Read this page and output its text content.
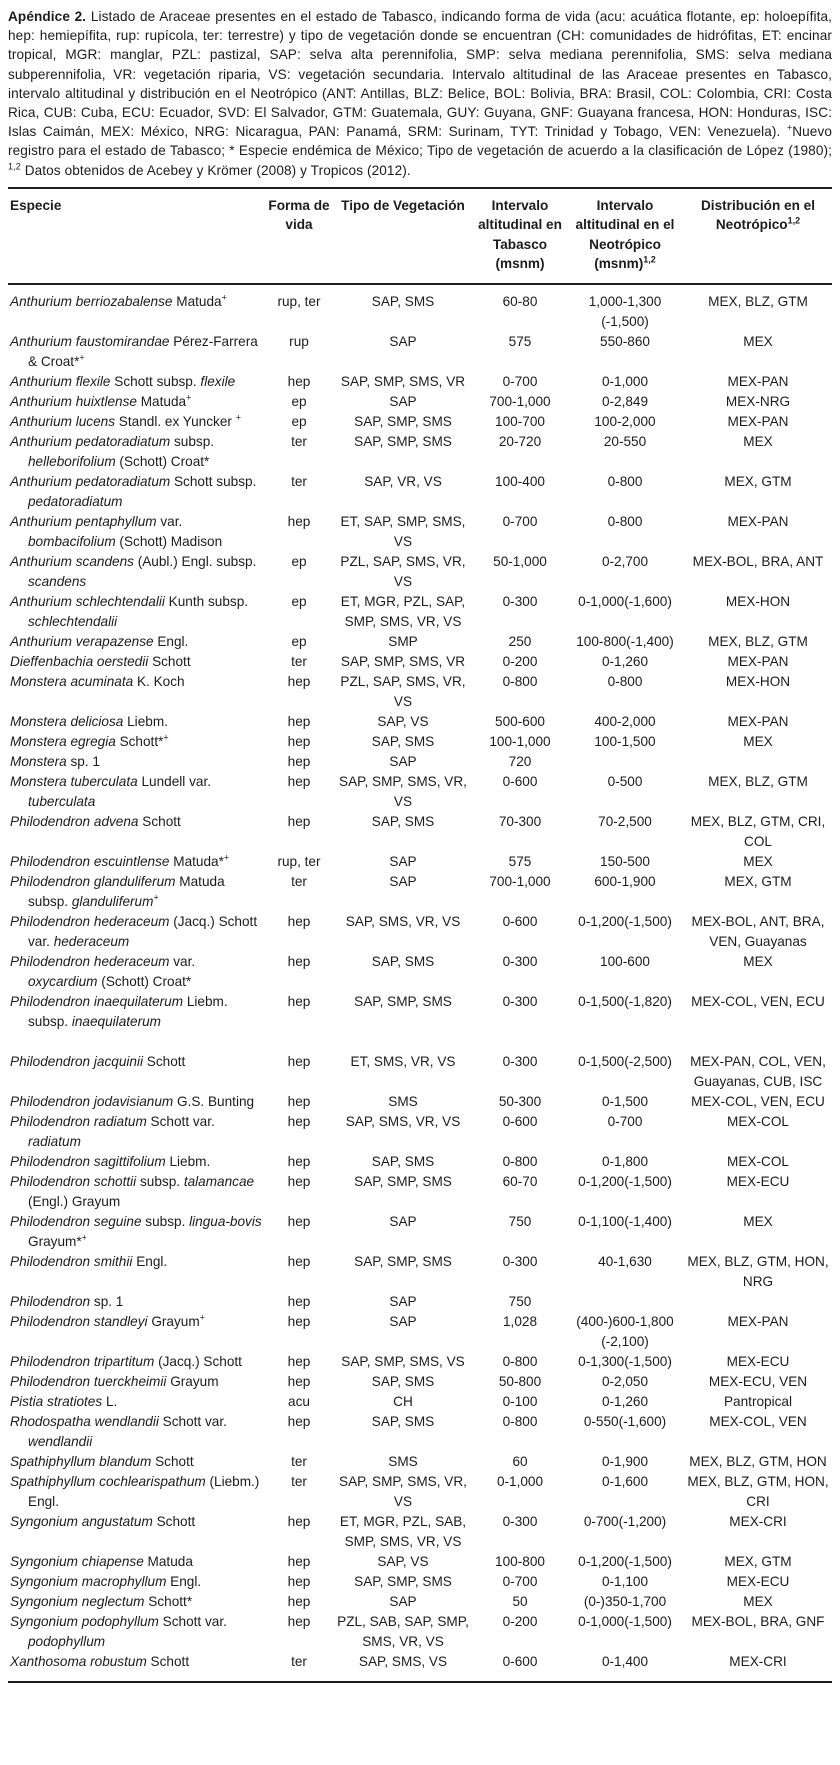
Apéndice 2. Listado de Araceae presentes en el estado de Tabasco, indicando forma de vida (acu: acuática flotante, ep: holoepífita, hep: hemiepífita, rup: rupícola, ter: terrestre) y tipo de vegetación donde se encuentran (CH: comunidades de hidrófitas, ET: encinar tropical, MGR: manglar, PZL: pastizal, SAP: selva alta perennifolia, SMP: selva mediana perennifolia, SMS: selva mediana subperennifolia, VR: vegetación riparia, VS: vegetación secundaria. Intervalo altitudinal de las Araceae presentes en Tabasco, intervalo altitudinal y distribución en el Neotrópico (ANT: Antillas, BLZ: Belice, BOL: Bolivia, BRA: Brasil, COL: Colombia, CRI: Costa Rica, CUB: Cuba, ECU: Ecuador, SVD: El Salvador, GTM: Guatemala, GUY: Guyana, GNF: Guayana francesa, HON: Honduras, ISC: Islas Caimán, MEX: México, NRG: Nicaragua, PAN: Panamá, SRM: Surinam, TYT: Trinidad y Tobago, VEN: Venezuela). +Nuevo registro para el estado de Tabasco; * Especie endémica de México; Tipo de vegetación de acuerdo a la clasificación de López (1980); $^{1,2}$ Datos obtenidos de Acebey y Krömer (2008) y Tropicos (2012).

Especie	Forma de vida	Tipo de Vegetación	Intervalo altitudinal en Tabasco (msnm)	Intervalo altitudinal en el Neotrópico (msnm)$^{1,2}$	Distribución en el Neotrópico$^{1,2}$
Anthurium berriozabalense Matuda+	rup, ter	SAP, SMS	60-80	1,000-1,300 (-1,500)	MEX, BLZ, GTM
Anthurium faustomirandae Pérez-Farrera & Croat*+	rup	SAP	575	550-860	MEX
Anthurium flexile Schott subsp. flexile	hep	SAP, SMP, SMS, VR	0-700	0-1,000	MEX-PAN
Anthurium huixtlense Matuda+	ep	SAP	700-1,000	0-2,849	MEX-NRG
Anthurium lucens Standl. ex Yuncker +	ep	SAP, SMP, SMS	100-700	100-2,000	MEX-PAN
Anthurium pedatoradiatum subsp. helleborifolium (Schott) Croat*	ter	SAP, SMP, SMS	20-720	20-550	MEX
Anthurium pedatoradiatum Schott subsp. pedatoradiatum	ter	SAP, VR, VS	100-400	0-800	MEX, GTM
Anthurium pentaphyllum var. bombacifolium (Schott) Madison	hep	ET, SAP, SMP, SMS, VS	0-700	0-800	MEX-PAN
Anthurium scandens (Aubl.) Engl. subsp. scandens	ep	PZL, SAP, SMS, VR, VS	50-1,000	0-2,700	MEX-BOL, BRA, ANT
Anthurium schlechtendalii Kunth subsp. schlechtendalii	ep	ET, MGR, PZL, SAP, SMP, SMS, VR, VS	0-300	0-1,000(-1,600)	MEX-HON
Anthurium verapazense Engl.	ep	SMP	250	100-800(-1,400)	MEX, BLZ, GTM
Dieffenbachia oerstedii Schott	ter	SAP, SMP, SMS, VR	0-200	0-1,260	MEX-PAN
Monstera acuminata K. Koch	hep	PZL, SAP, SMS, VR, VS	0-800	0-800	MEX-HON
Monstera deliciosa Liebm.	hep	SAP, VS	500-600	400-2,000	MEX-PAN
Monstera egregia Schott*+	hep	SAP, SMS	100-1,000	100-1,500	MEX
Monstera sp. 1	hep	SAP	720		
Monstera tuberculata Lundell var. tuberculata	hep	SAP, SMP, SMS, VR, VS	0-600	0-500	MEX, BLZ, GTM
Philodendron advena Schott	hep	SAP, SMS	70-300	70-2,500	MEX, BLZ, GTM, CRI, COL
Philodendron escuintlense Matuda*+	rup, ter	SAP	575	150-500	MEX
Philodendron glanduliferum Matuda subsp. glanduliferum+	ter	SAP	700-1,000	600-1,900	MEX, GTM
Philodendron hederaceum (Jacq.) Schott var. hederaceum	hep	SAP, SMS, VR, VS	0-600	0-1,200(-1,500)	MEX-BOL, ANT, BRA, VEN, Guayanas
Philodendron hederaceum var. oxycardium (Schott) Croat*	hep	SAP, SMS	0-300	100-600	MEX
Philodendron inaequilaterum Liebm. subsp. inaequilaterum	hep	SAP, SMP, SMS	0-300	0-1,500(-1,820)	MEX-COL, VEN, ECU
Philodendron jacquinii Schott	hep	ET, SMS, VR, VS	0-300	0-1,500(-2,500)	MEX-PAN, COL, VEN, Guayanas, CUB, ISC
Philodendron jodavisianum G.S. Bunting	hep	SMS	50-300	0-1,500	MEX-COL, VEN, ECU
Philodendron radiatum Schott var. radiatum	hep	SAP, SMS, VR, VS	0-600	0-700	MEX-COL
Philodendron sagittifolium Liebm.	hep	SAP, SMS	0-800	0-1,800	MEX-COL
Philodendron schottii subsp. talamancae (Engl.) Grayum	hep	SAP, SMP, SMS	60-70	0-1,200(-1,500)	MEX-ECU
Philodendron seguine subsp. lingua-bovis Grayum*+	hep	SAP	750	0-1,100(-1,400)	MEX
Philodendron smithii Engl.	hep	SAP, SMP, SMS	0-300	40-1,630	MEX, BLZ, GTM, HON, NRG
Philodendron sp. 1	hep	SAP	750		
Philodendron standleyi Grayum+	hep	SAP	1,028	(400-)600-1,800 (-2,100)	MEX-PAN
Philodendron tripartitum (Jacq.) Schott	hep	SAP, SMP, SMS, VS	0-800	0-1,300(-1,500)	MEX-ECU
Philodendron tuerckheimii Grayum	hep	SAP, SMS	50-800	0-2,050	MEX-ECU, VEN
Pistia stratiotes L.	acu	CH	0-100	0-1,260	Pantropical
Rhodospatha wendlandii Schott var. wendlandii	hep	SAP, SMS	0-800	0-550(-1,600)	MEX-COL, VEN
Spathiphyllum blandum Schott	ter	SMS	60	0-1,900	MEX, BLZ, GTM, HON
Spathiphyllum cochlearispathum (Liebm.) Engl.	ter	SAP, SMP, SMS, VR, VS	0-1,000	0-1,600	MEX, BLZ, GTM, HON, CRI
Syngonium angustatum Schott	hep	ET, MGR, PZL, SAB, SMP, SMS, VR, VS	0-300	0-700(-1,200)	MEX-CRI
Syngonium chiapense Matuda	hep	SAP, VS	100-800	0-1,200(-1,500)	MEX, GTM
Syngonium macrophyllum Engl.	hep	SAP, SMP, SMS	0-700	0-1,100	MEX-ECU
Syngonium neglectum Schott*	hep	SAP	50	(0-)350-1,700	MEX
Syngonium podophyllum Schott var. podophyllum	hep	PZL, SAB, SAP, SMP, SMS, VR, VS	0-200	0-1,000(-1,500)	MEX-BOL, BRA, GNF
Xanthosoma robustum Schott	ter	SAP, SMS, VS	0-600	0-1,400	MEX-CRI
